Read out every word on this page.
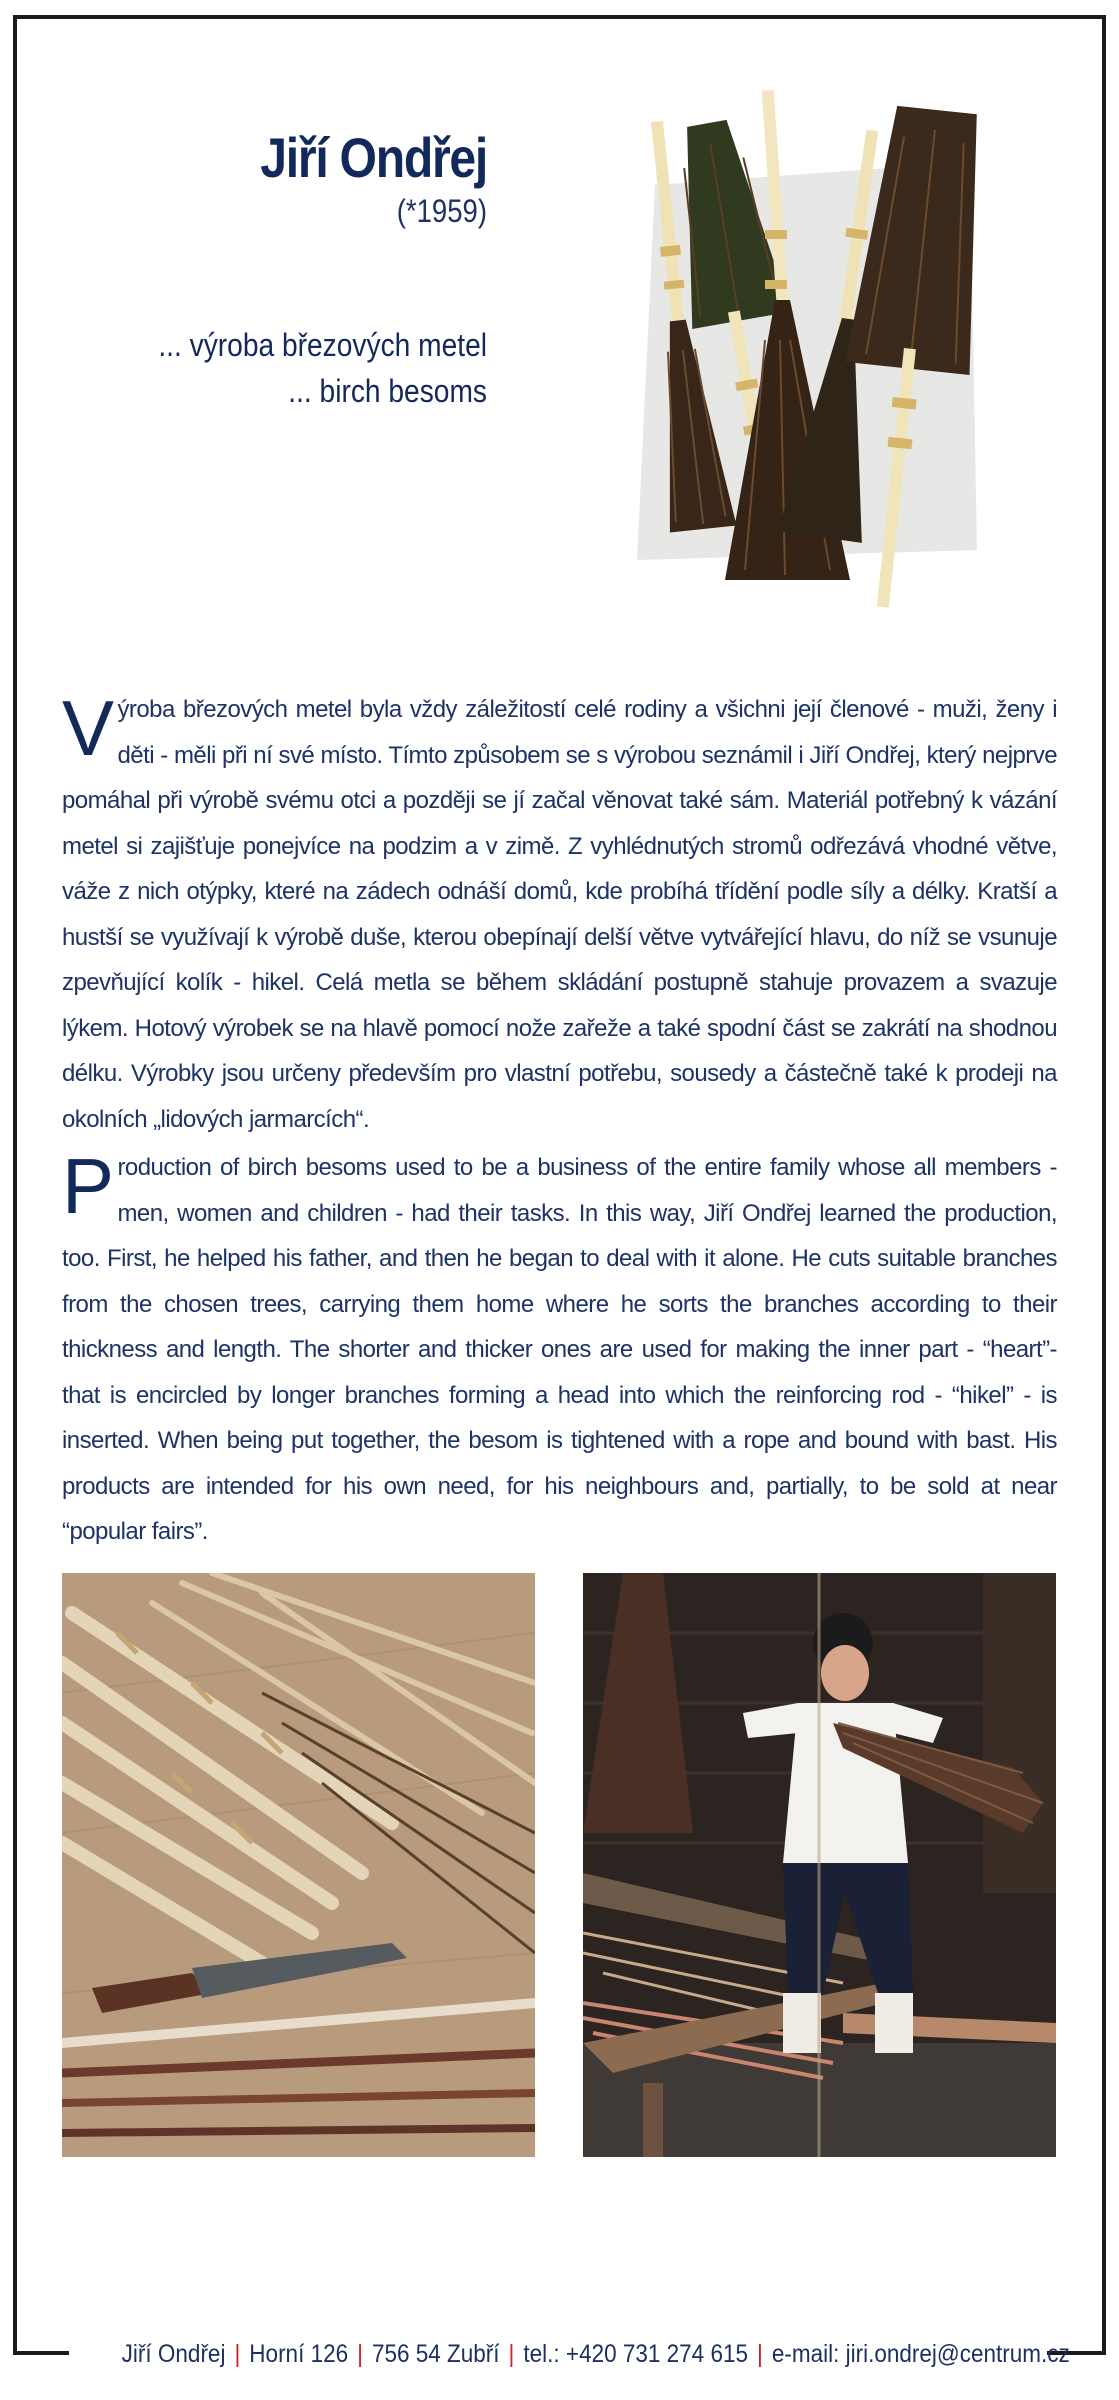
Jiří Ondřej
(*1959)
... výroba březových metel
... birch besoms
Výroba březových metel byla vždy záležitostí celé rodiny a všichni její členové - muži, ženy i děti - měli při ní své místo. Tímto způsobem se s výrobou seznámil i Jiří Ondřej, který nejprve pomáhal při výrobě svému otci a později se jí začal věnovat také sám. Materiál potřebný k vázání metel si zajišťuje ponejvíce na podzim a v zimě. Z vyhlédnutých stromů odřezává vhodné větve, váže z nich otýpky, které na zádech odnáší domů, kde probíhá třídění podle síly a délky. Kratší a hustší se využívají k výrobě duše, kterou obepínají delší větve vytvářející hlavu, do níž se vsunuje zpevňující kolík - hikel. Celá metla se během skládání postupně stahuje provazem a svazuje lýkem. Hotový výrobek se na hlavě pomocí nože zařeže a také spodní část se zakrátí na shodnou délku. Výrobky jsou určeny především pro vlastní potřebu, sousedy a částečně také k prodeji na okolních „lidových jarmarcích“.
Production of birch besoms used to be a business of the entire family whose all members - men, women and children - had their tasks. In this way, Jiří Ondřej learned the production, too. First, he helped his father, and then he began to deal with it alone. He cuts suitable branches from the chosen trees, carrying them home where he sorts the branches according to their thickness and length. The shorter and thicker ones are used for making the inner part - “heart”- that is encircled by longer branches forming a head into which the reinforcing rod - “hikel” - is inserted. When being put together, the besom is tightened with a rope and bound with bast. His products are intended for his own need, for his neighbours and, partially, to be sold at near “popular fairs”.
Jiří Ondřej | Horní 126 | 756 54 Zubří | tel.: +420 731 274 615 | e-mail: jiri.ondrej@centrum.cz
